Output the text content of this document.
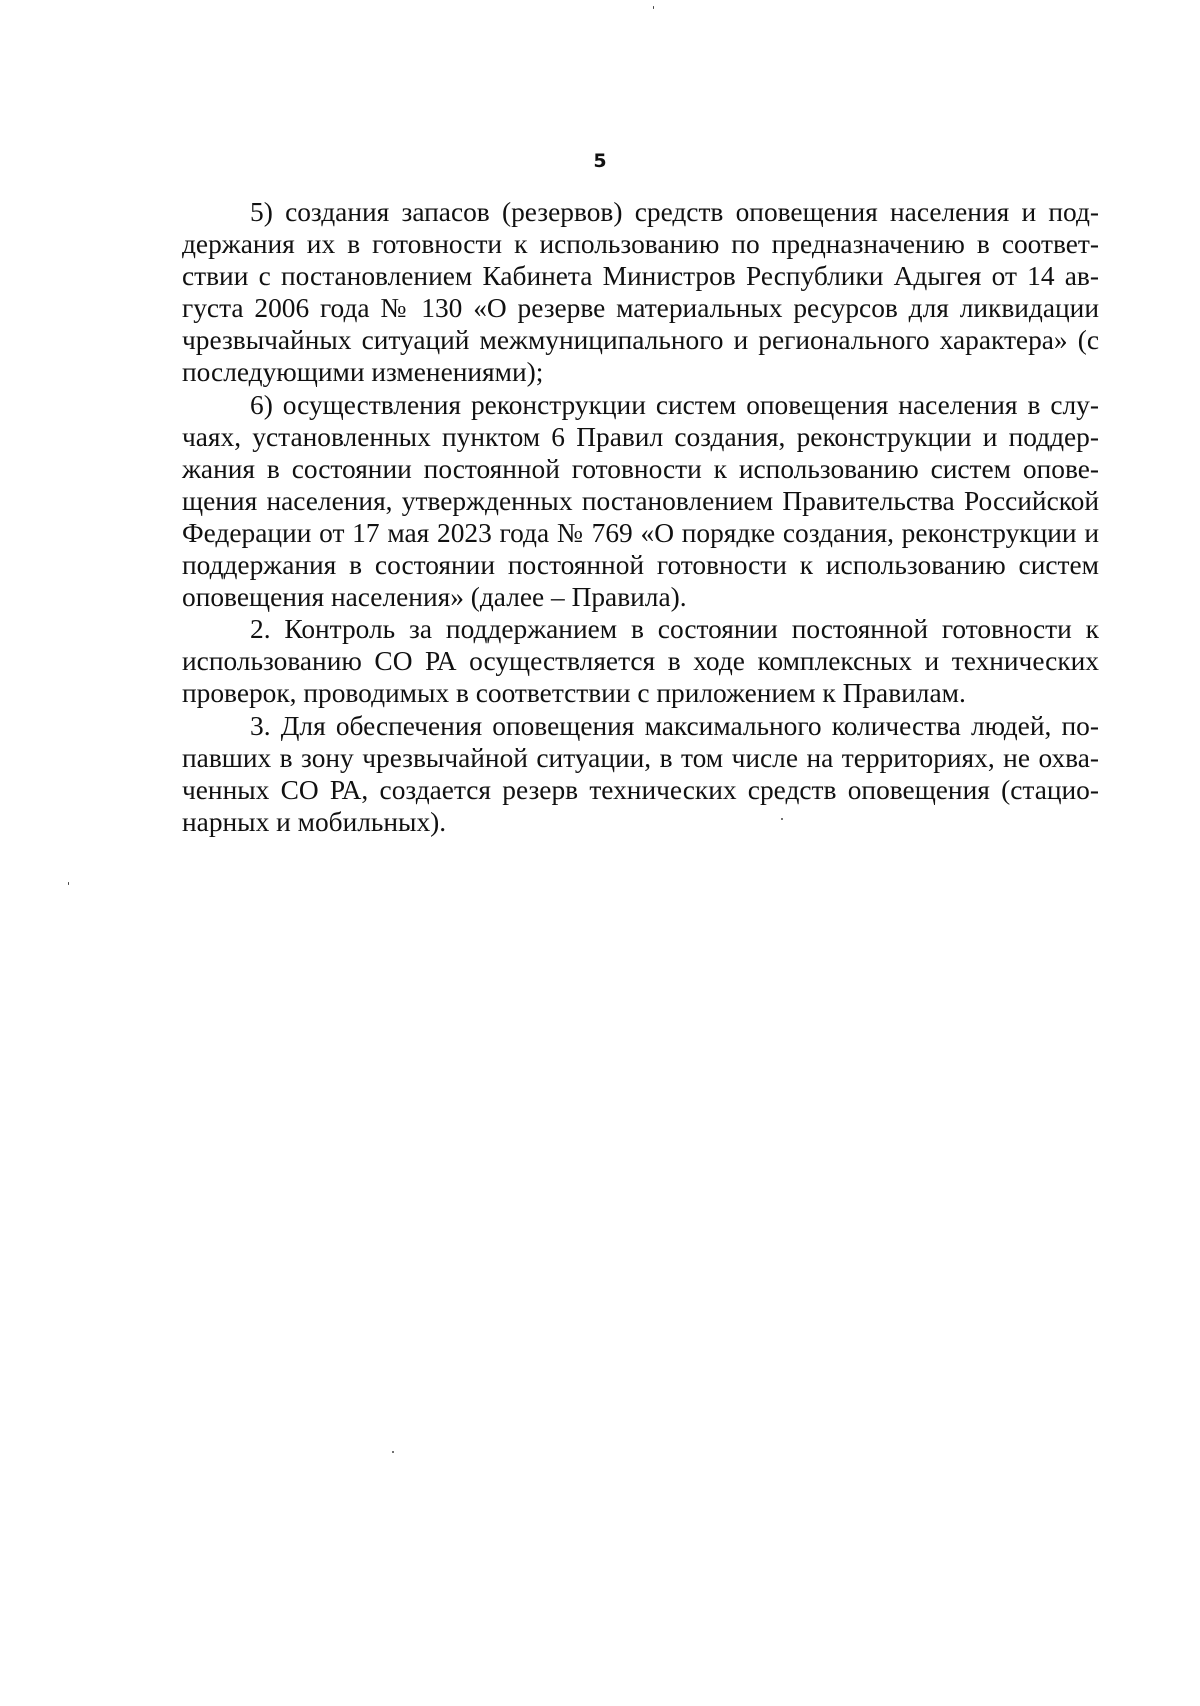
5
5) создания запасов (резервов) средств оповещения населения и под-
держания их в готовности к использованию по предназначению в соответ-
ствии с постановлением Кабинета Министров Республики Адыгея от 14 ав-
густа 2006 года № 130 «О резерве материальных ресурсов для ликвидации
чрезвычайных ситуаций межмуниципального и регионального характера» (с
последующими изменениями);
6) осуществления реконструкции систем оповещения населения в слу-
чаях, установленных пунктом 6 Правил создания, реконструкции и поддер-
жания в состоянии постоянной готовности к использованию систем опове-
щения населения, утвержденных постановлением Правительства Российской
Федерации от 17 мая 2023 года № 769 «О порядке создания, реконструкции и
поддержания в состоянии постоянной готовности к использованию систем
оповещения населения» (далее – Правила).
2. Контроль за поддержанием в состоянии постоянной готовности к
использованию СО РА осуществляется в ходе комплексных и технических
проверок, проводимых в соответствии с приложением к Правилам.
3. Для обеспечения оповещения максимального количества людей, по-
павших в зону чрезвычайной ситуации, в том числе на территориях, не охва-
ченных СО РА, создается резерв технических средств оповещения (стацио-
нарных и мобильных).
